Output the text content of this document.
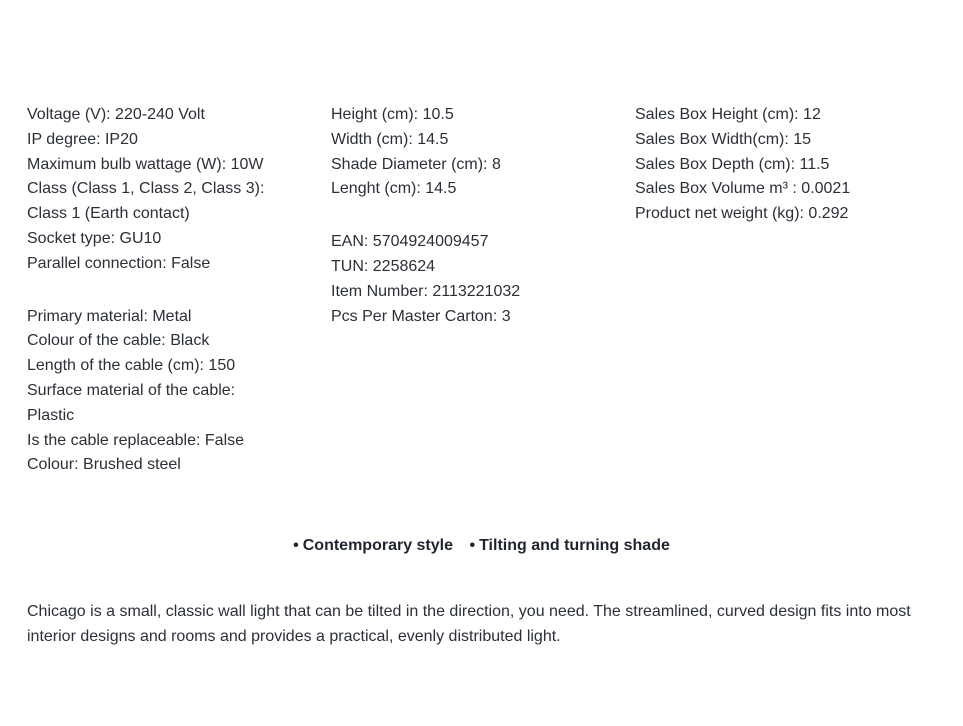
Voltage (V): 220-240 Volt
IP degree: IP20
Maximum bulb wattage (W): 10W
Class (Class 1, Class 2, Class 3):
Class 1 (Earth contact)
Socket type: GU10
Parallel connection: False
Primary material: Metal
Colour of the cable: Black
Length of the cable (cm): 150
Surface material of the cable:
Plastic
Is the cable replaceable: False
Colour: Brushed steel
Height (cm): 10.5
Width (cm): 14.5
Shade Diameter (cm): 8
Lenght (cm): 14.5
EAN: 5704924009457
TUN: 2258624
Item Number: 2113221032
Pcs Per Master Carton: 3
Sales Box Height (cm): 12
Sales Box Width(cm): 15
Sales Box Depth (cm): 11.5
Sales Box Volume m³ : 0.0021
Product net weight (kg): 0.292
• Contemporary style • Tilting and turning shade
Chicago is a small, classic wall light that can be tilted in the direction, you need. The streamlined, curved design fits into most interior designs and rooms and provides a practical, evenly distributed light.
